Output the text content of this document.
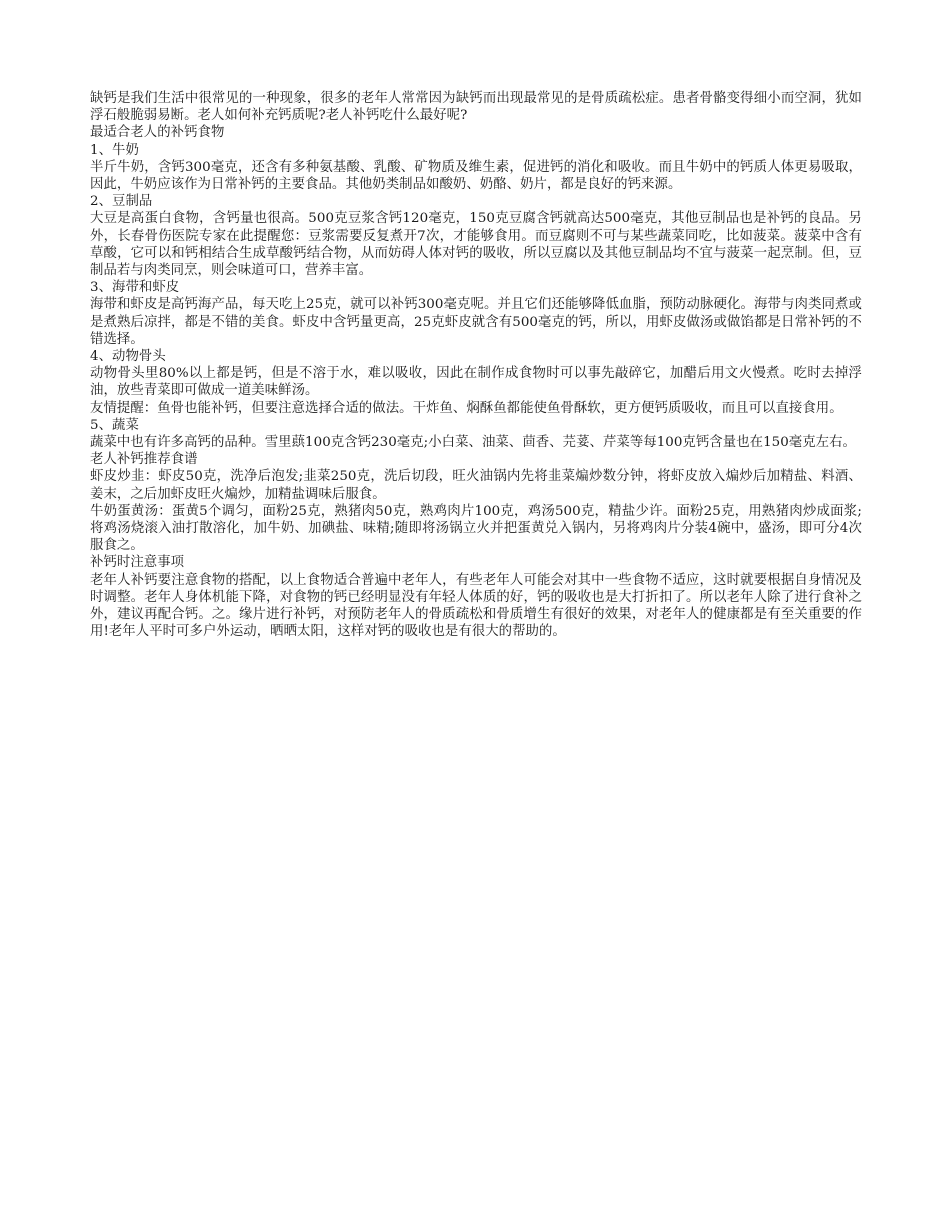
缺钙是我们生活中很常见的一种现象，很多的老年人常常因为缺钙而出现最常见的是骨质疏松症。患者骨骼变得细小而空洞，犹如浮石般脆弱易断。老人如何补充钙质呢?老人补钙吃什么最好呢?

最适合老人的补钙食物

1、牛奶

半斤牛奶，含钙300毫克，还含有多种氨基酸、乳酸、矿物质及维生素，促进钙的消化和吸收。而且牛奶中的钙质人体更易吸取，因此，牛奶应该作为日常补钙的主要食品。其他奶类制品如酸奶、奶酪、奶片，都是良好的钙来源。

2、豆制品

大豆是高蛋白食物，含钙量也很高。500克豆浆含钙120毫克，150克豆腐含钙就高达500毫克，其他豆制品也是补钙的良品。另外，长春骨伤医院专家在此提醒您：豆浆需要反复煮开7次，才能够食用。而豆腐则不可与某些蔬菜同吃，比如菠菜。菠菜中含有草酸，它可以和钙相结合生成草酸钙结合物，从而妨碍人体对钙的吸收，所以豆腐以及其他豆制品均不宜与菠菜一起烹制。但，豆制品若与肉类同烹，则会味道可口，营养丰富。

3、海带和虾皮

海带和虾皮是高钙海产品，每天吃上25克，就可以补钙300毫克呢。并且它们还能够降低血脂，预防动脉硬化。海带与肉类同煮或是煮熟后凉拌，都是不错的美食。虾皮中含钙量更高，25克虾皮就含有500毫克的钙，所以，用虾皮做汤或做馅都是日常补钙的不错选择。

4、动物骨头

动物骨头里80%以上都是钙，但是不溶于水，难以吸收，因此在制作成食物时可以事先敲碎它，加醋后用文火慢煮。吃时去掉浮油，放些青菜即可做成一道美味鲜汤。

友情提醒：鱼骨也能补钙，但要注意选择合适的做法。干炸鱼、焖酥鱼都能使鱼骨酥软，更方便钙质吸收，而且可以直接食用。

5、蔬菜

蔬菜中也有许多高钙的品种。雪里蕻100克含钙230毫克;小白菜、油菜、茴香、芫荽、芹菜等每100克钙含量也在150毫克左右。

老人补钙推荐食谱

虾皮炒韭：虾皮50克，洗净后泡发;韭菜250克，洗后切段，旺火油锅内先将韭菜煸炒数分钟，将虾皮放入煸炒后加精盐、料酒、姜末，之后加虾皮旺火煸炒，加精盐调味后服食。

牛奶蛋黄汤：蛋黄5个调匀，面粉25克，熟猪肉50克，熟鸡肉片100克，鸡汤500克，精盐少许。面粉25克，用熟猪肉炒成面浆;将鸡汤烧滚入油打散溶化，加牛奶、加碘盐、味精;随即将汤锅立火并把蛋黄兑入锅内，另将鸡肉片分装4碗中，盛汤，即可分4次服食之。

补钙时注意事项

老年人补钙要注意食物的搭配，以上食物适合普遍中老年人，有些老年人可能会对其中一些食物不适应，这时就要根据自身情况及时调整。老年人身体机能下降，对食物的钙已经明显没有年轻人体质的好，钙的吸收也是大打折扣了。所以老年人除了进行食补之外，建议再配合钙。之。缘片进行补钙，对预防老年人的骨质疏松和骨质增生有很好的效果，对老年人的健康都是有至关重要的作用!老年人平时可多户外运动，晒晒太阳，这样对钙的吸收也是有很大的帮助的。
